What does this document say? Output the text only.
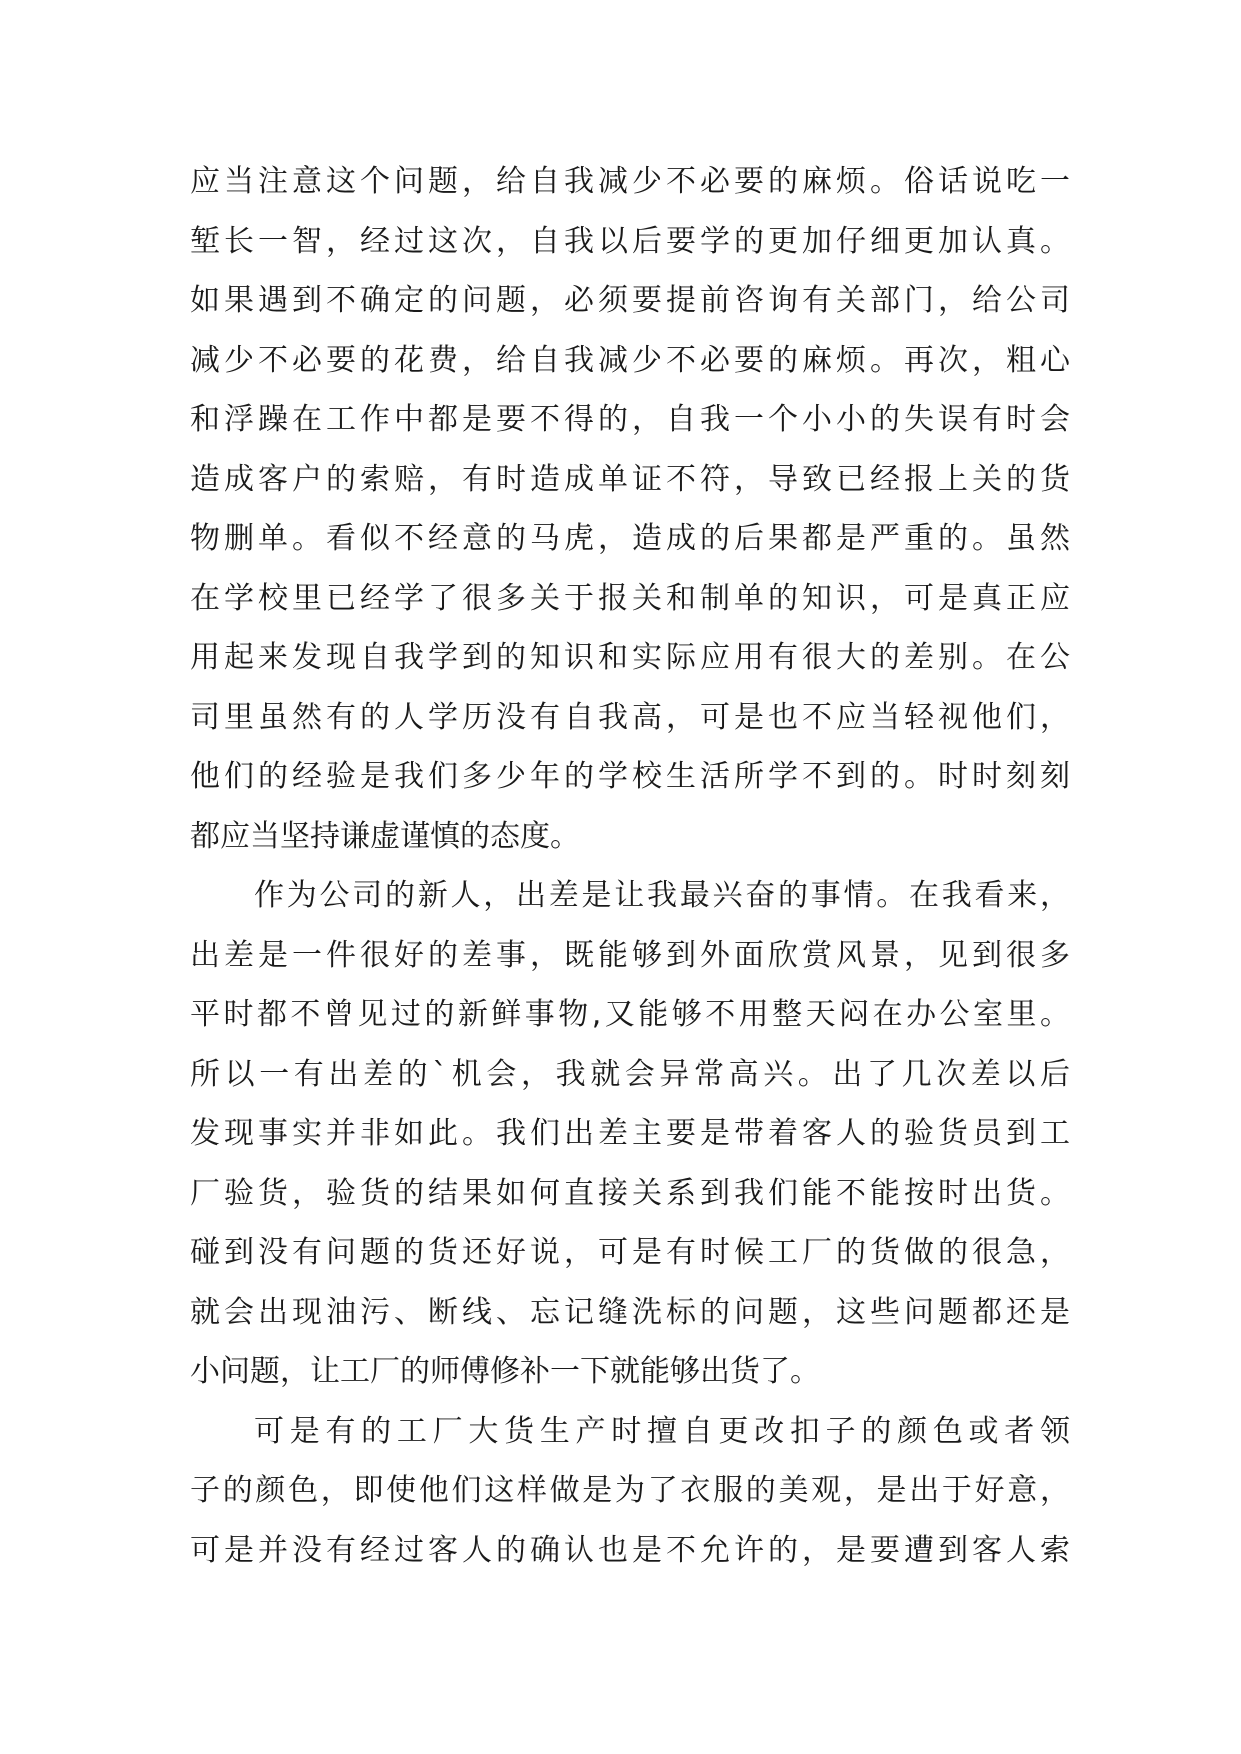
应当注意这个问题，给自我减少不必要的麻烦。俗话说吃一
堑长一智，经过这次，自我以后要学的更加仔细更加认真。
如果遇到不确定的问题，必须要提前咨询有关部门，给公司
减少不必要的花费，给自我减少不必要的麻烦。再次，粗心
和浮躁在工作中都是要不得的，自我一个小小的失误有时会
造成客户的索赔，有时造成单证不符，导致已经报上关的货
物删单。看似不经意的马虎，造成的后果都是严重的。虽然
在学校里已经学了很多关于报关和制单的知识，可是真正应
用起来发现自我学到的知识和实际应用有很大的差别。在公
司里虽然有的人学历没有自我高，可是也不应当轻视他们，
他们的经验是我们多少年的学校生活所学不到的。时时刻刻
都应当坚持谦虚谨慎的态度。
作为公司的新人，出差是让我最兴奋的事情。在我看来，
出差是一件很好的差事，既能够到外面欣赏风景，见到很多
平时都不曾见过的新鲜事物,又能够不用整天闷在办公室里。
所以一有出差的`机会，我就会异常高兴。出了几次差以后
发现事实并非如此。我们出差主要是带着客人的验货员到工
厂验货，验货的结果如何直接关系到我们能不能按时出货。
碰到没有问题的货还好说，可是有时候工厂的货做的很急，
就会出现油污、断线、忘记缝洗标的问题，这些问题都还是
小问题，让工厂的师傅修补一下就能够出货了。
可是有的工厂大货生产时擅自更改扣子的颜色或者领
子的颜色，即使他们这样做是为了衣服的美观，是出于好意，
可是并没有经过客人的确认也是不允许的，是要遭到客人索
